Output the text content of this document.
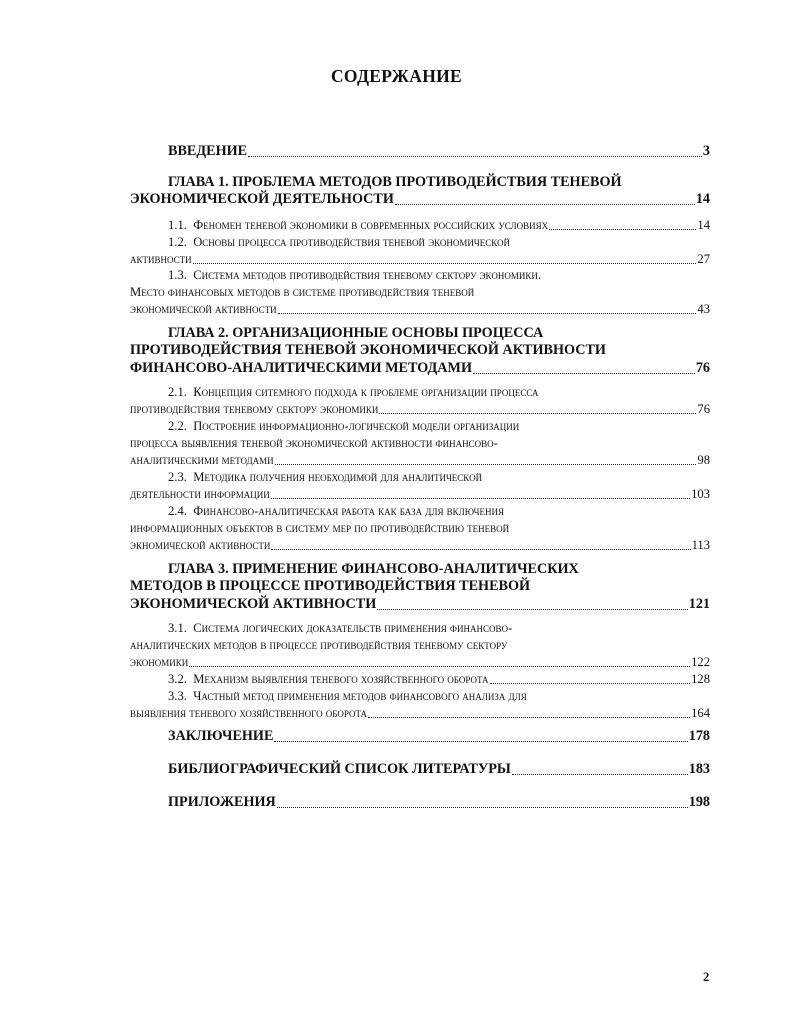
СОДЕРЖАНИЕ
ВВЕДЕНИЕ	3
ГЛАВА 1. ПРОБЛЕМА МЕТОДОВ ПРОТИВОДЕЙСТВИЯ ТЕНЕВОЙ
ЭКОНОМИЧЕСКОЙ ДЕЯТЕЛЬНОСТИ	14
1.1. Феномен теневой экономики в современных российских условиях	14
1.2. Основы процесса противодействия теневой экономической
активности	27
1.3. Система методов противодействия теневому сектору экономики.
Место финансовых методов в системе противодействия теневой
экономической активности	43
ГЛАВА 2. ОРГАНИЗАЦИОННЫЕ ОСНОВЫ ПРОЦЕССА
ПРОТИВОДЕЙСТВИЯ ТЕНЕВОЙ ЭКОНОМИЧЕСКОЙ АКТИВНОСТИ
ФИНАНСОВО-АНАЛИТИЧЕСКИМИ МЕТОДАМИ	76
2.1. Концепция ситемного подхода к проблеме организации процесса
противодействия теневому сектору экономики	76
2.2. Построение информационно-логической модели организации
процесса выявления теневой экономической активности финансово-
аналитическими методами	98
2.3. Методика получения необходимой для аналитической
деятельности информации	103
2.4. Финансово-аналитическая работа как база для включения
информационных объектов в систему мер по противодействию теневой
экномической активности	113
ГЛАВА 3. ПРИМЕНЕНИЕ ФИНАНСОВО-АНАЛИТИЧЕСКИХ
МЕТОДОВ В ПРОЦЕССЕ ПРОТИВОДЕЙСТВИЯ ТЕНЕВОЙ
ЭКОНОМИЧЕСКОЙ АКТИВНОСТИ	121
3.1. Система логических доказательств применения финансово-
аналитических методов в процессе противодействия теневому сектору
экономики	122
3.2. Механизм выявления теневого хозяйственного оборота	128
3.3. Частный метод применения методов финансового анализа для
выявления теневого хозяйственного оборота	164
ЗАКЛЮЧЕНИЕ	178
БИБЛИОГРАФИЧЕСКИЙ СПИСОК ЛИТЕРАТУРЫ	183
ПРИЛОЖЕНИЯ	198
2
